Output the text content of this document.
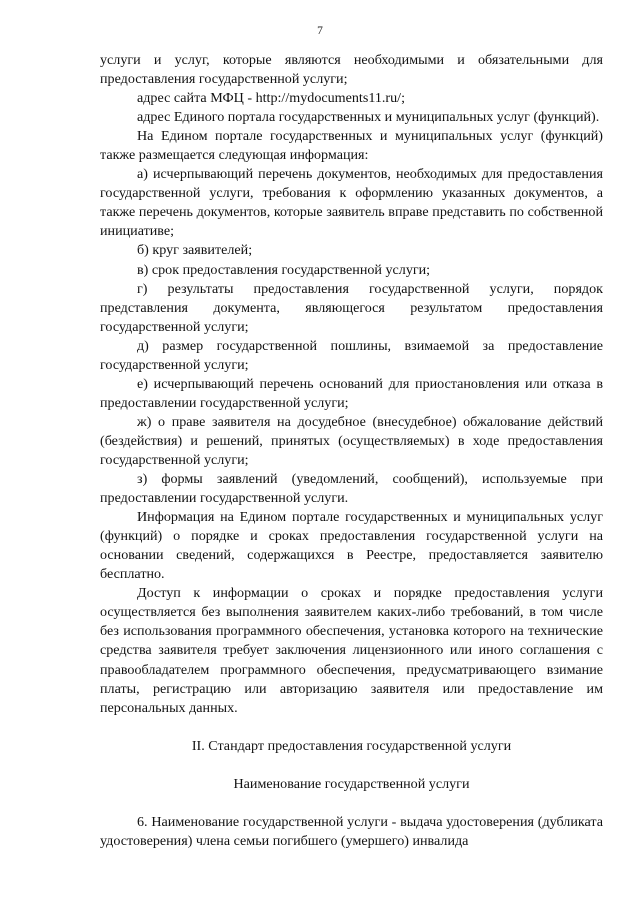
7

услуги и услуг, которые являются необходимыми и обязательными для предоставления государственной услуги;

адрес сайта МФЦ - http://mydocuments11.ru/;

адрес Единого портала государственных и муниципальных услуг (функций).

На Едином портале государственных и муниципальных услуг (функций) также размещается следующая информация:

а) исчерпывающий перечень документов, необходимых для предоставления государственной услуги, требования к оформлению указанных документов, а также перечень документов, которые заявитель вправе представить по собственной инициативе;

б) круг заявителей;

в) срок предоставления государственной услуги;

г) результаты предоставления государственной услуги, порядок представления документа, являющегося результатом предоставления государственной услуги;

д) размер государственной пошлины, взимаемой за предоставление государственной услуги;

е) исчерпывающий перечень оснований для приостановления или отказа в предоставлении государственной услуги;

ж) о праве заявителя на досудебное (внесудебное) обжалование действий (бездействия) и решений, принятых (осуществляемых) в ходе предоставления государственной услуги;

з) формы заявлений (уведомлений, сообщений), используемые при предоставлении государственной услуги.

Информация на Едином портале государственных и муниципальных услуг (функций) о порядке и сроках предоставления государственной услуги на основании сведений, содержащихся в Реестре, предоставляется заявителю бесплатно.

Доступ к информации о сроках и порядке предоставления услуги осуществляется без выполнения заявителем каких-либо требований, в том числе без использования программного обеспечения, установка которого на технические средства заявителя требует заключения лицензионного или иного соглашения с правообладателем программного обеспечения, предусматривающего взимание платы, регистрацию или авторизацию заявителя или предоставление им персональных данных.

II. Стандарт предоставления государственной услуги

Наименование государственной услуги

6. Наименование государственной услуги - выдача удостоверения (дубликата удостоверения) члена семьи погибшего (умершего) инвалида
